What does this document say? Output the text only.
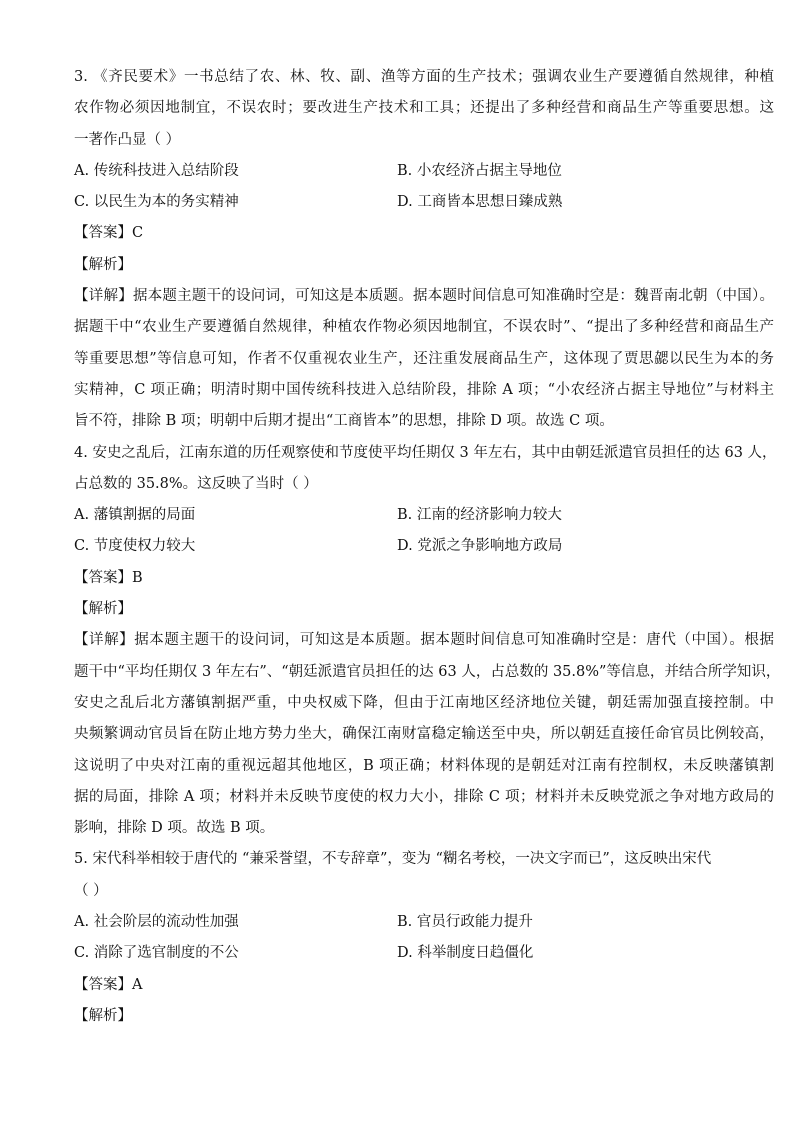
3. 《齐民要术》一书总结了农、林、牧、副、渔等方面的生产技术；强调农业生产要遵循自然规律，种植
农作物必须因地制宜，不误农时；要改进生产技术和工具；还提出了多种经营和商品生产等重要思想。这
一著作凸显（ ）
A. 传统科技进入总结阶段	B. 小农经济占据主导地位
C. 以民生为本的务实精神	D. 工商皆本思想日臻成熟
【答案】C
【解析】
【详解】据本题主题干的设问词，可知这是本质题。据本题时间信息可知准确时空是：魏晋南北朝（中国）。
据题干中“农业生产要遵循自然规律，种植农作物必须因地制宜，不误农时”、“提出了多种经营和商品生产
等重要思想”等信息可知，作者不仅重视农业生产，还注重发展商品生产，这体现了贾思勰以民生为本的务
实精神，C 项正确；明清时期中国传统科技进入总结阶段，排除 A 项；“小农经济占据主导地位”与材料主
旨不符，排除 B 项；明朝中后期才提出“工商皆本”的思想，排除 D 项。故选 C 项。
4. 安史之乱后，江南东道的历任观察使和节度使平均任期仅 3 年左右，其中由朝廷派遣官员担任的达 63 人，
占总数的 35.8%。这反映了当时（ ）
A. 藩镇割据的局面	B. 江南的经济影响力较大
C. 节度使权力较大	D. 党派之争影响地方政局
【答案】B
【解析】
【详解】据本题主题干的设问词，可知这是本质题。据本题时间信息可知准确时空是：唐代（中国）。根据
题干中“平均任期仅 3 年左右”、“朝廷派遣官员担任的达 63 人，占总数的 35.8%”等信息，并结合所学知识，
安史之乱后北方藩镇割据严重，中央权威下降，但由于江南地区经济地位关键，朝廷需加强直接控制。中
央频繁调动官员旨在防止地方势力坐大，确保江南财富稳定输送至中央，所以朝廷直接任命官员比例较高，
这说明了中央对江南的重视远超其他地区，B 项正确；材料体现的是朝廷对江南有控制权，未反映藩镇割
据的局面，排除 A 项；材料并未反映节度使的权力大小，排除 C 项；材料并未反映党派之争对地方政局的
影响，排除 D 项。故选 B 项。
5. 宋代科举相较于唐代的 “兼采誉望，不专辞章”，变为 “糊名考校，一决文字而已”，这反映出宋代
（ ）
A. 社会阶层的流动性加强	B. 官员行政能力提升
C. 消除了选官制度的不公	D. 科举制度日趋僵化
【答案】A
【解析】
